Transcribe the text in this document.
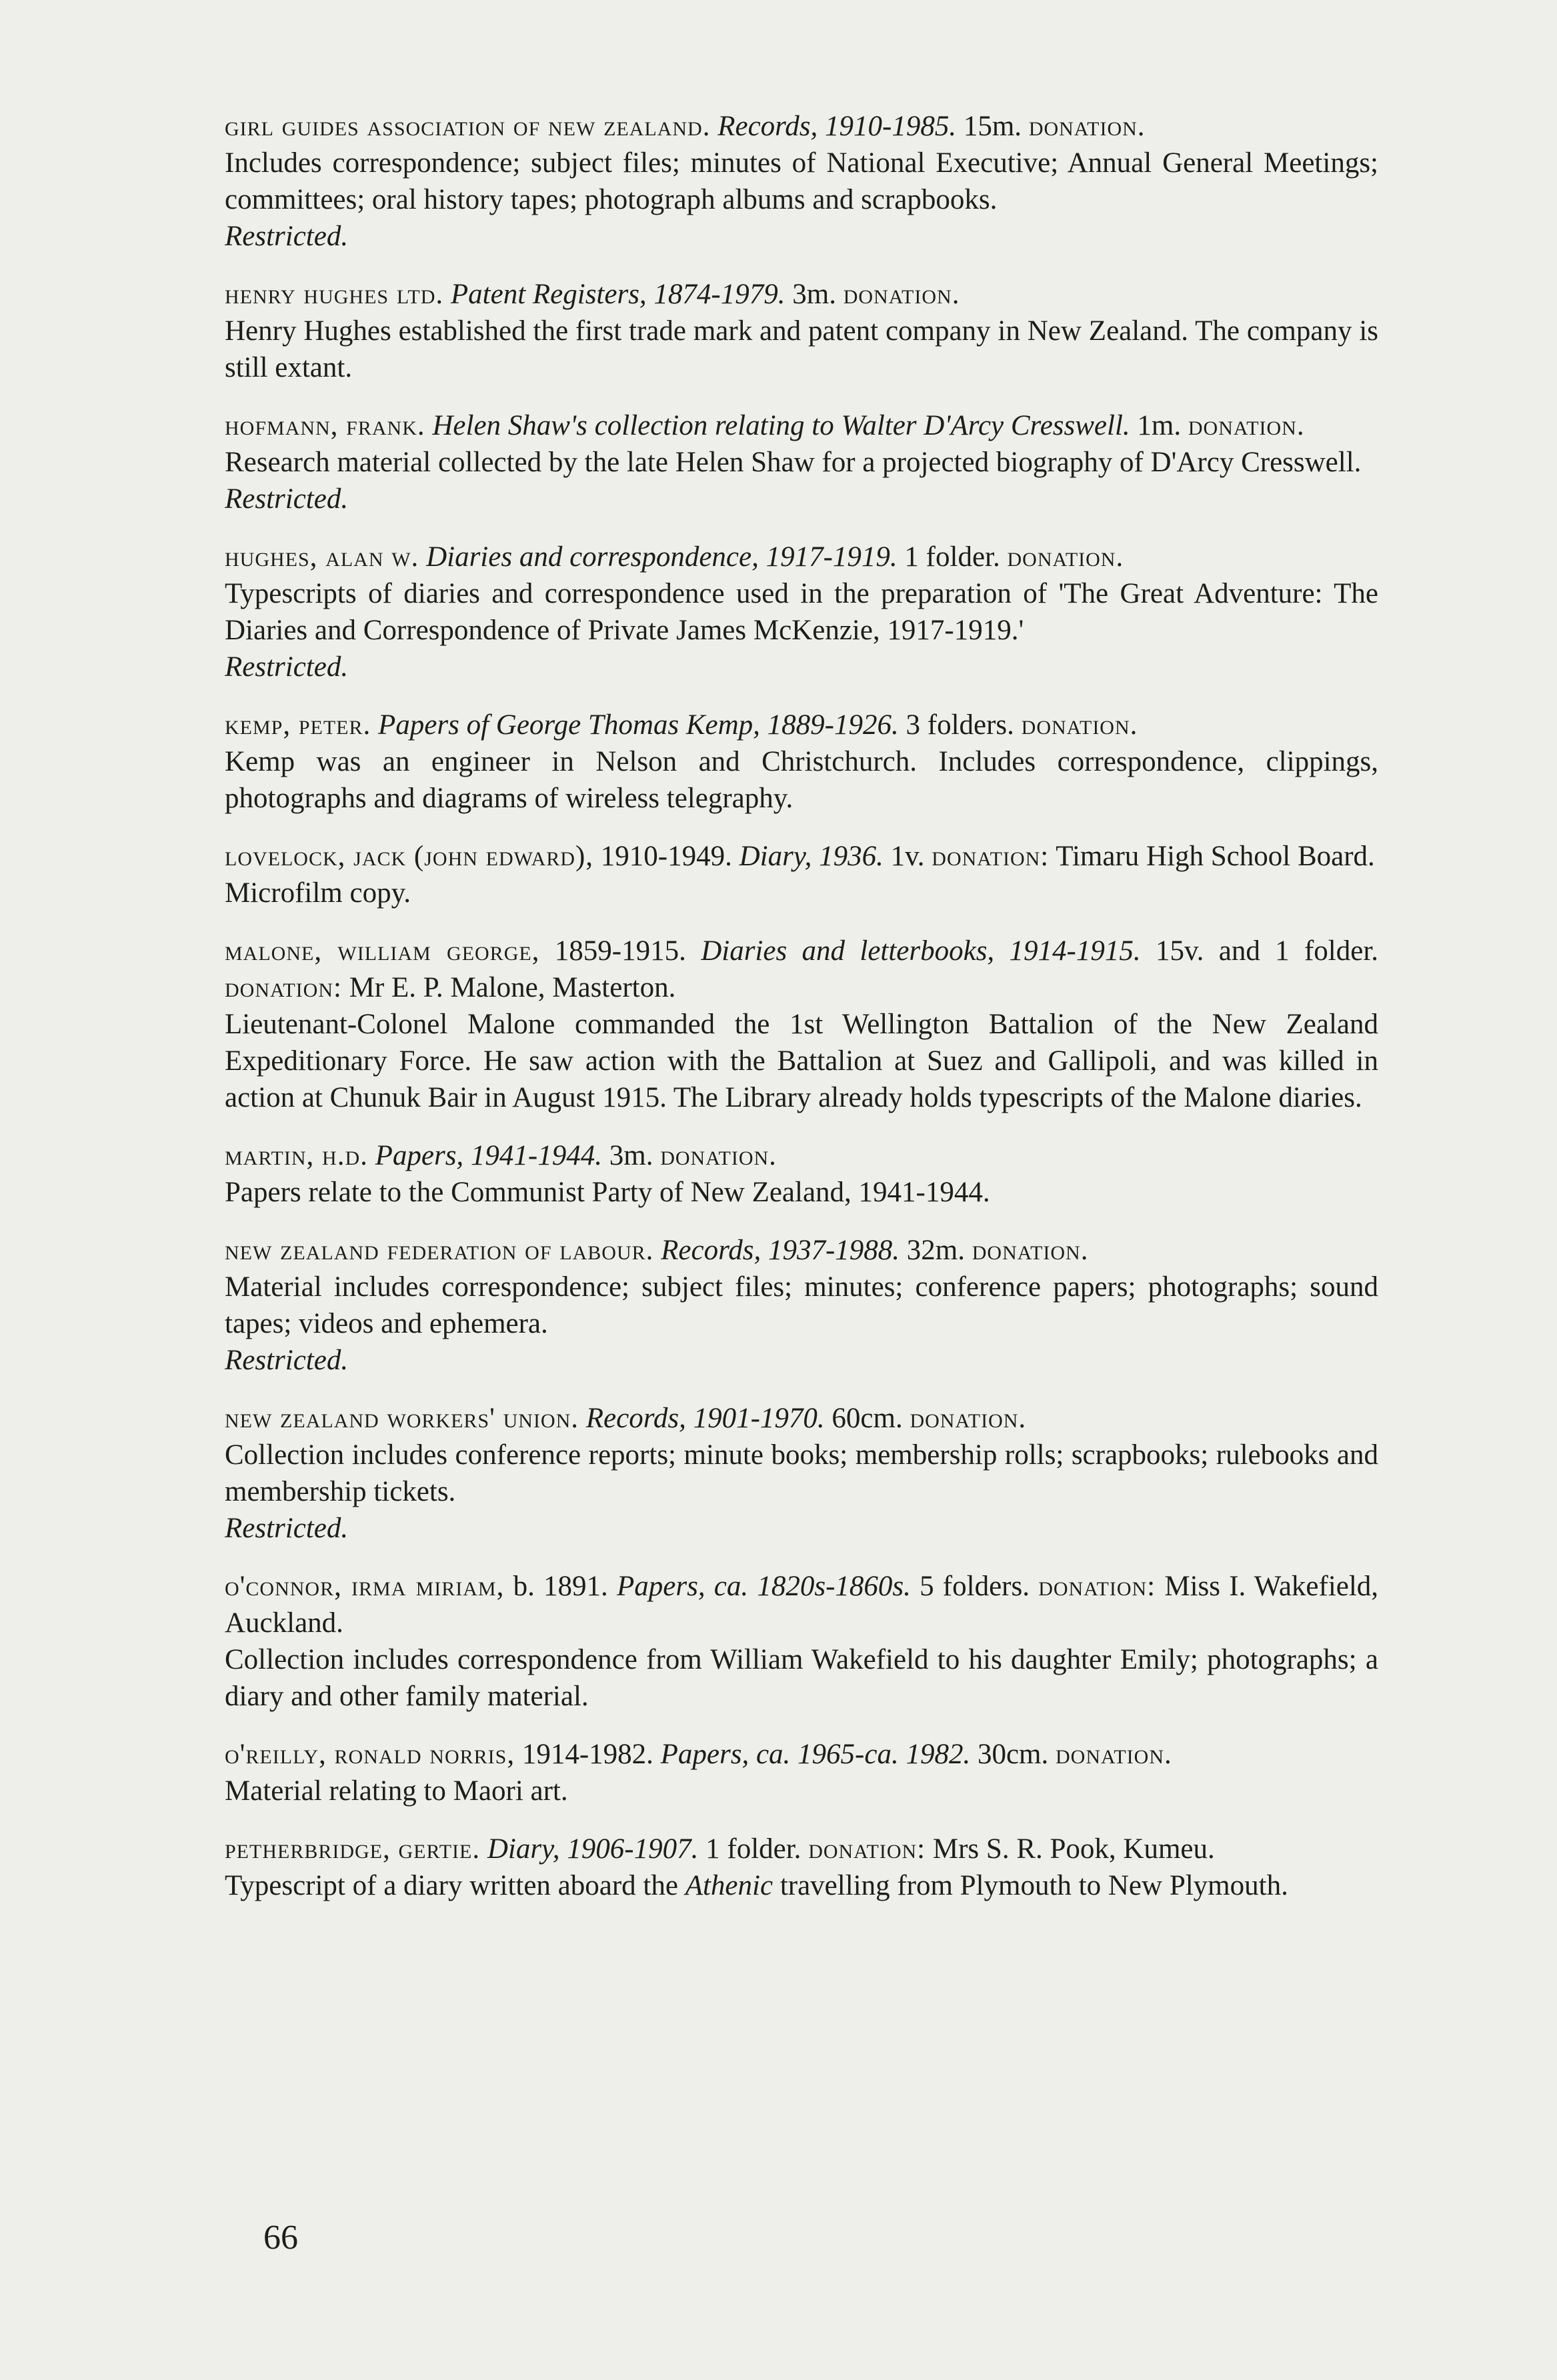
girl guides association of new zealand. Records, 1910-1985. 15m. donation.

Includes correspondence; subject files; minutes of National Executive; Annual General Meetings; committees; oral history tapes; photograph albums and scrapbooks.

Restricted.

henry hughes ltd. Patent Registers, 1874-1979. 3m. donation.

Henry Hughes established the first trade mark and patent company in New Zealand. The company is still extant.

hofmann, frank. Helen Shaw's collection relating to Walter D'Arcy Cresswell. 1m. donation.

Research material collected by the late Helen Shaw for a projected biography of D'Arcy Cresswell.

Restricted.

hughes, alan w. Diaries and correspondence, 1917-1919. 1 folder. donation.

Typescripts of diaries and correspondence used in the preparation of 'The Great Adventure: The Diaries and Correspondence of Private James McKenzie, 1917-1919.'

Restricted.

kemp, peter. Papers of George Thomas Kemp, 1889-1926. 3 folders. donation.

Kemp was an engineer in Nelson and Christchurch. Includes correspondence, clippings, photographs and diagrams of wireless telegraphy.

lovelock, jack (john edward), 1910-1949. Diary, 1936. 1v. donation: Timaru High School Board.

Microfilm copy.

malone, william george, 1859-1915. Diaries and letterbooks, 1914-1915. 15v. and 1 folder. donation: Mr E. P. Malone, Masterton.

Lieutenant-Colonel Malone commanded the 1st Wellington Battalion of the New Zealand Expeditionary Force. He saw action with the Battalion at Suez and Gallipoli, and was killed in action at Chunuk Bair in August 1915. The Library already holds typescripts of the Malone diaries.

martin, h.d. Papers, 1941-1944. 3m. donation.

Papers relate to the Communist Party of New Zealand, 1941-1944.

new zealand federation of labour. Records, 1937-1988. 32m. donation.

Material includes correspondence; subject files; minutes; conference papers; photographs; sound tapes; videos and ephemera.

Restricted.

new zealand workers' union. Records, 1901-1970. 60cm. donation.

Collection includes conference reports; minute books; membership rolls; scrapbooks; rulebooks and membership tickets.

Restricted.

o'connor, irma miriam, b. 1891. Papers, ca. 1820s-1860s. 5 folders. donation: Miss I. Wakefield, Auckland.

Collection includes correspondence from William Wakefield to his daughter Emily; photographs; a diary and other family material.

o'reilly, ronald norris, 1914-1982. Papers, ca. 1965-ca. 1982. 30cm. donation.

Material relating to Maori art.

petherbridge, gertie. Diary, 1906-1907. 1 folder. donation: Mrs S. R. Pook, Kumeu.

Typescript of a diary written aboard the Athenic travelling from Plymouth to New Plymouth.

66
